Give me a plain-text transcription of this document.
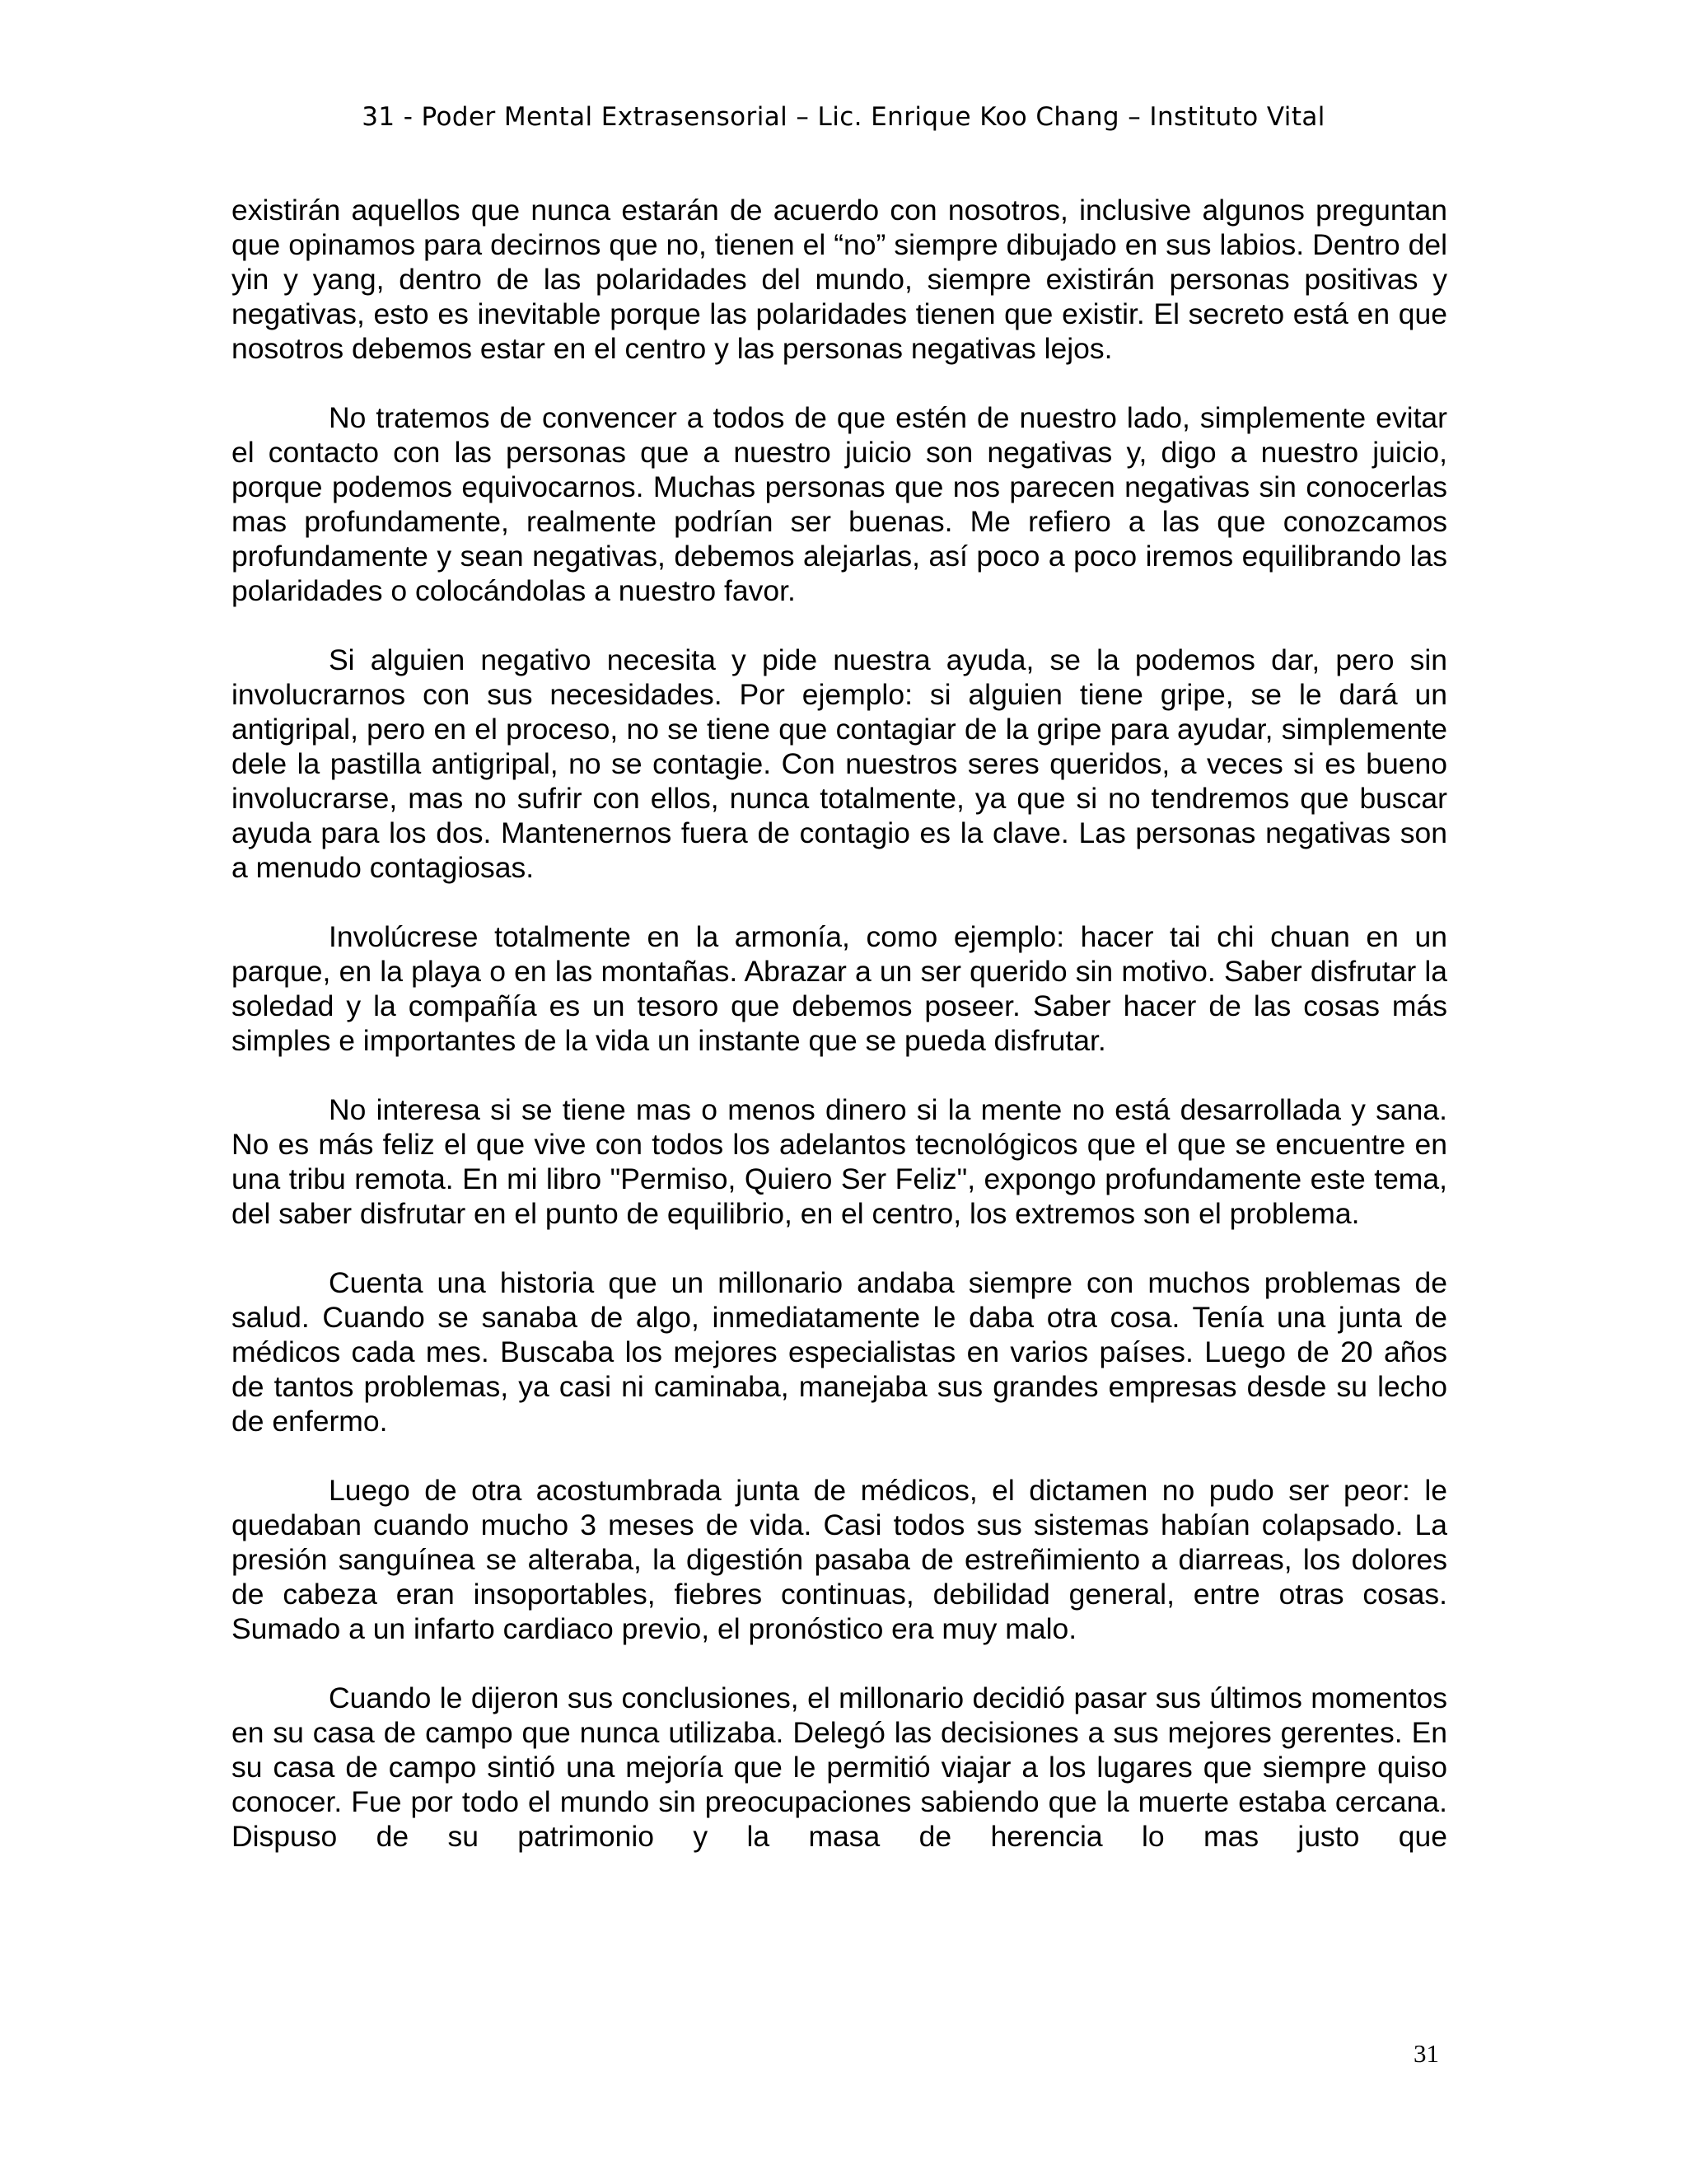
31 - Poder Mental Extrasensorial – Lic. Enrique Koo Chang – Instituto Vital

existirán aquellos que nunca estarán de acuerdo con nosotros, inclusive algunos preguntan que opinamos para decirnos que no, tienen el “no” siempre dibujado en sus labios. Dentro del yin y yang, dentro de las polaridades del mundo, siempre existirán personas positivas y negativas, esto es inevitable porque las polaridades tienen que existir. El secreto está en que nosotros debemos estar en el centro y las personas negativas lejos.

No tratemos de convencer a todos de que estén de nuestro lado, simplemente evitar el contacto con las personas que a nuestro juicio son negativas y, digo a nuestro juicio, porque podemos equivocarnos. Muchas personas que nos parecen negativas sin conocerlas mas profundamente, realmente podrían ser buenas. Me refiero a las que conozcamos profundamente y sean negativas, debemos alejarlas, así poco a poco iremos equilibrando las polaridades o colocándolas a nuestro favor.

Si alguien negativo necesita y pide nuestra ayuda, se la podemos dar, pero sin involucrarnos con sus necesidades. Por ejemplo: si alguien tiene gripe, se le dará un antigripal, pero en el proceso, no se tiene que contagiar de la gripe para ayudar, simplemente dele la pastilla antigripal, no se contagie. Con nuestros seres queridos, a veces si es bueno involucrarse, mas no sufrir con ellos, nunca totalmente, ya que si no tendremos que buscar ayuda para los dos. Mantenernos fuera de contagio es la clave. Las personas negativas son a menudo contagiosas.

Involúcrese totalmente en la armonía, como ejemplo: hacer tai chi chuan en un parque, en la playa o en las montañas. Abrazar a un ser querido sin motivo. Saber disfrutar la soledad y la compañía es un tesoro que debemos poseer. Saber hacer de las cosas más simples e importantes de la vida un instante que se pueda disfrutar.

No interesa si se tiene mas o menos dinero si la mente no está desarrollada y sana. No es más feliz el que vive con todos los adelantos tecnológicos que el que se encuentre en una tribu remota. En mi libro "Permiso, Quiero Ser Feliz", expongo profundamente este tema, del saber disfrutar en el punto de equilibrio, en el centro, los extremos son el problema.

Cuenta una historia que un millonario andaba siempre con muchos problemas de salud. Cuando se sanaba de algo, inmediatamente le daba otra cosa. Tenía una junta de médicos cada mes. Buscaba los mejores especialistas en varios países. Luego de 20 años de tantos problemas, ya casi ni caminaba, manejaba sus grandes empresas desde su lecho de enfermo.

Luego de otra acostumbrada junta de médicos, el dictamen no pudo ser peor: le quedaban cuando mucho 3 meses de vida. Casi todos sus sistemas habían colapsado. La presión sanguínea se alteraba, la digestión pasaba de estreñimiento a diarreas, los dolores de cabeza eran insoportables, fiebres continuas, debilidad general, entre otras cosas. Sumado a un infarto cardiaco previo, el pronóstico era muy malo.

Cuando le dijeron sus conclusiones, el millonario decidió pasar sus últimos momentos en su casa de campo que nunca utilizaba. Delegó las decisiones a sus mejores gerentes. En su casa de campo sintió una mejoría que le permitió viajar a los lugares que siempre quiso conocer. Fue por todo el mundo sin preocupaciones sabiendo que la muerte estaba cercana. Dispuso de su patrimonio y la masa de herencia lo mas justo que

31
